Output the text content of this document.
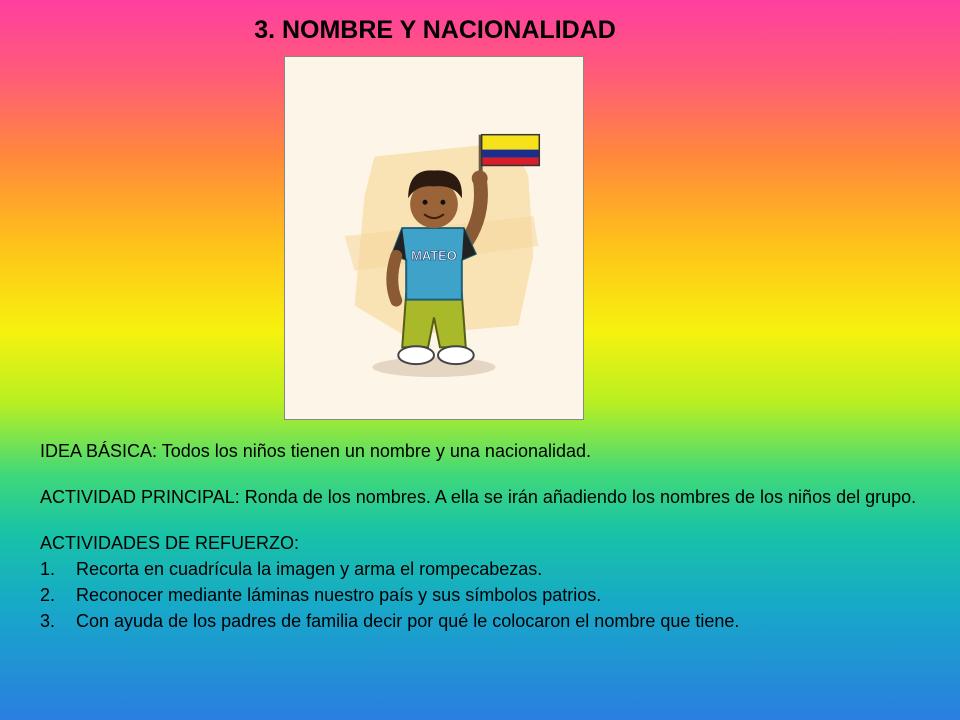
3. NOMBRE Y NACIONALIDAD
MATEO

IDEA BÁSICA: Todos los niños tienen un nombre y una nacionalidad.

ACTIVIDAD PRINCIPAL: Ronda de los nombres. A ella se irán añadiendo los nombres de los niños del grupo.

ACTIVIDADES DE REFUERZO:

1.	Recorta en cuadrícula la imagen y arma el rompecabezas.
2.	Reconocer mediante láminas nuestro país y sus símbolos patrios.
3.	Con ayuda de los padres de familia decir por qué le colocaron el nombre que tiene.
